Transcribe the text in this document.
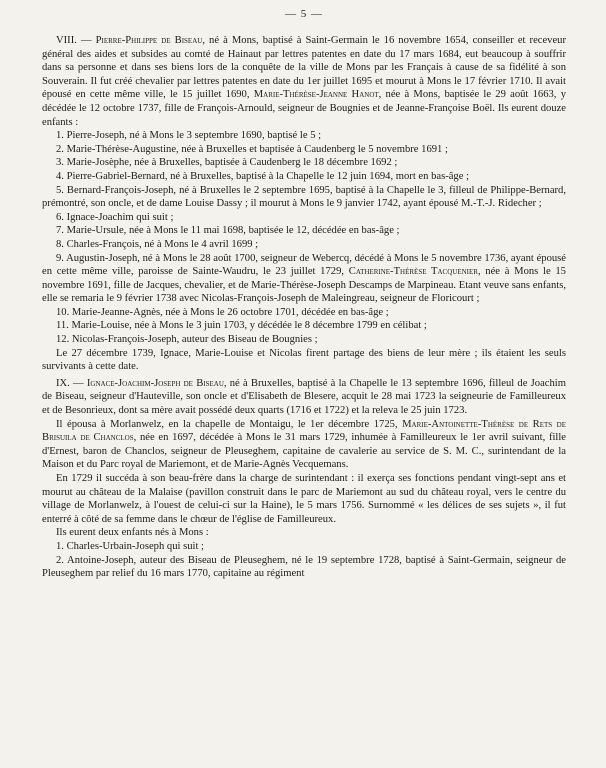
— 5 —

VIII. — Pierre-Philippe de Biseau, né à Mons, baptisé à Saint-Germain le 16 novembre 1654, conseiller et receveur général des aides et subsides au comté de Hainaut par lettres patentes en date du 17 mars 1684, eut beaucoup à souffrir dans sa personne et dans ses biens lors de la conquête de la ville de Mons par les Français à cause de sa fidélité à son Souverain. Il fut créé chevalier par lettres patentes en date du 1er juillet 1695 et mourut à Mons le 17 février 1710. Il avait épousé en cette même ville, le 15 juillet 1690, Marie-Thérèse-Jeanne Hanot, née à Mons, baptisée le 29 août 1663, y décédée le 12 octobre 1737, fille de François-Arnould, seigneur de Bougnies et de Jeanne-Françoise Boël. Ils eurent douze enfants :

1. Pierre-Joseph, né à Mons le 3 septembre 1690, baptisé le 5 ;

2. Marie-Thérèse-Augustine, née à Bruxelles et baptisée à Caudenberg le 5 novembre 1691 ;

3. Marie-Josèphe, née à Bruxelles, baptisée à Caudenberg le 18 décembre 1692 ;

4. Pierre-Gabriel-Bernard, né à Bruxelles, baptisé à la Chapelle le 12 juin 1694, mort en bas-âge ;

5. Bernard-François-Joseph, né à Bruxelles le 2 septembre 1695, baptisé à la Chapelle le 3, filleul de Philippe-Bernard, prémontré, son oncle, et de dame Louise Dassy ; il mourut à Mons le 9 janvier 1742, ayant épousé M.-T.-J. Ridecher ;

6. Ignace-Joachim qui suit ;

7. Marie-Ursule, née à Mons le 11 mai 1698, baptisée le 12, décédée en bas-âge ;

8. Charles-François, né à Mons le 4 avril 1699 ;

9. Augustin-Joseph, né à Mons le 28 août 1700, seigneur de Webercq, décédé à Mons le 5 novembre 1736, ayant épousé en cette même ville, paroisse de Sainte-Waudru, le 23 juillet 1729, Catherine-Thérèse Tacquenier, née à Mons le 15 novembre 1691, fille de Jacques, chevalier, et de Marie-Thérèse-Joseph Descamps de Marpineau. Etant veuve sans enfants, elle se remaria le 9 février 1738 avec Nicolas-François-Joseph de Maleingreau, seigneur de Floricourt ;

10. Marie-Jeanne-Agnès, née à Mons le 26 octobre 1701, décédée en bas-âge ;

11. Marie-Louise, née à Mons le 3 juin 1703, y décédée le 8 décembre 1799 en célibat ;

12. Nicolas-François-Joseph, auteur des Biseau de Bougnies ;

Le 27 décembre 1739, Ignace, Marie-Louise et Nicolas firent partage des biens de leur mère ; ils étaient les seuls survivants à cette date.

IX. — Ignace-Joachim-Joseph de Biseau, né à Bruxelles, baptisé à la Chapelle le 13 septembre 1696, filleul de Joachim de Biseau, seigneur d'Hauteville, son oncle et d'Elisabeth de Blesere, acquit le 28 mai 1723 la seigneurie de Familleureux et de Besonrieux, dont sa mère avait possédé deux quarts (1716 et 1722) et la releva le 25 juin 1723.

Il épousa à Morlanwelz, en la chapelle de Montaigu, le 1er décembre 1725, Marie-Antoinette-Thérèse de Rets de Brisuila de Chanclos, née en 1697, décédée à Mons le 31 mars 1729, inhumée à Familleureux le 1er avril suivant, fille d'Ernest, baron de Chanclos, seigneur de Pleuseghem, capitaine de cavalerie au service de S. M. C., surintendant de la Maison et du Parc royal de Mariemont, et de Marie-Agnès Vecquemans.

En 1729 il succéda à son beau-frère dans la charge de surintendant : il exerça ses fonctions pendant vingt-sept ans et mourut au château de la Malaise (pavillon construit dans le parc de Mariemont au sud du château royal, vers le centre du village de Morlanwelz, à l'ouest de celui-ci sur la Haine), le 5 mars 1756. Surnommé « les délices de ses sujets », il fut enterré à côté de sa femme dans le chœur de l'église de Familleureux.

Ils eurent deux enfants nés à Mons :

1. Charles-Urbain-Joseph qui suit ;

2. Antoine-Joseph, auteur des Biseau de Pleuseghem, né le 19 septembre 1728, baptisé à Saint-Germain, seigneur de Pleuseghem par relief du 16 mars 1770, capitaine au régiment
